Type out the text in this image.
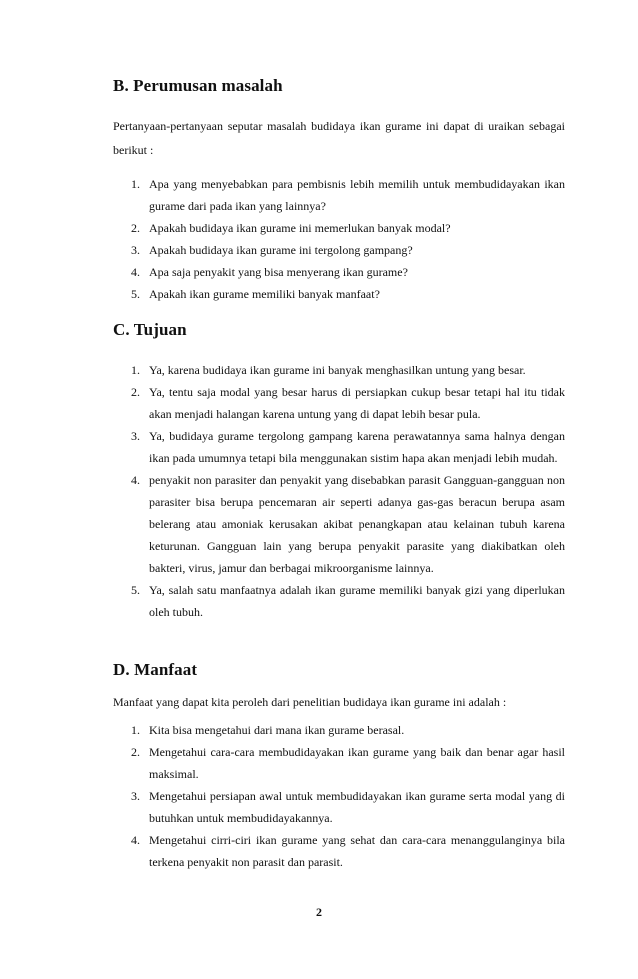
B. Perumusan masalah

Pertanyaan-pertanyaan seputar masalah budidaya ikan gurame ini dapat di uraikan sebagai berikut :

1. Apa yang menyebabkan para pembisnis lebih memilih untuk membudidayakan ikan gurame dari pada ikan yang lainnya?
2. Apakah budidaya ikan gurame ini memerlukan banyak modal?
3. Apakah budidaya ikan gurame ini tergolong gampang?
4. Apa saja penyakit yang bisa menyerang ikan gurame?
5. Apakah ikan gurame memiliki banyak manfaat?
C. Tujuan
1. Ya, karena budidaya ikan gurame ini banyak menghasilkan untung yang besar.
2. Ya, tentu saja modal yang besar harus di persiapkan cukup besar tetapi hal itu tidak akan menjadi halangan karena untung yang di dapat lebih besar pula.
3. Ya, budidaya gurame tergolong gampang karena perawatannya sama halnya dengan ikan pada umumnya tetapi bila menggunakan sistim hapa akan menjadi lebih mudah.
4. penyakit non parasiter dan penyakit yang disebabkan parasit Gangguan-gangguan non parasiter bisa berupa pencemaran air seperti adanya gas-gas beracun berupa asam belerang atau amoniak kerusakan akibat penangkapan atau kelainan tubuh karena keturunan. Gangguan lain yang berupa penyakit parasite yang diakibatkan oleh bakteri, virus, jamur dan berbagai mikroorganisme lainnya.
5. Ya, salah satu manfaatnya adalah ikan gurame memiliki banyak gizi yang diperlukan oleh tubuh.
D. Manfaat

Manfaat yang dapat kita peroleh dari penelitian budidaya ikan gurame ini adalah :

1. Kita bisa mengetahui dari mana ikan gurame berasal.
2. Mengetahui cara-cara membudidayakan ikan gurame yang baik dan benar agar hasil maksimal.
3. Mengetahui persiapan awal untuk membudidayakan ikan gurame serta modal yang di butuhkan untuk membudidayakannya.
4. Mengetahui cirri-ciri ikan gurame yang sehat dan cara-cara menanggulanginya bila terkena penyakit non parasit dan parasit.
2
